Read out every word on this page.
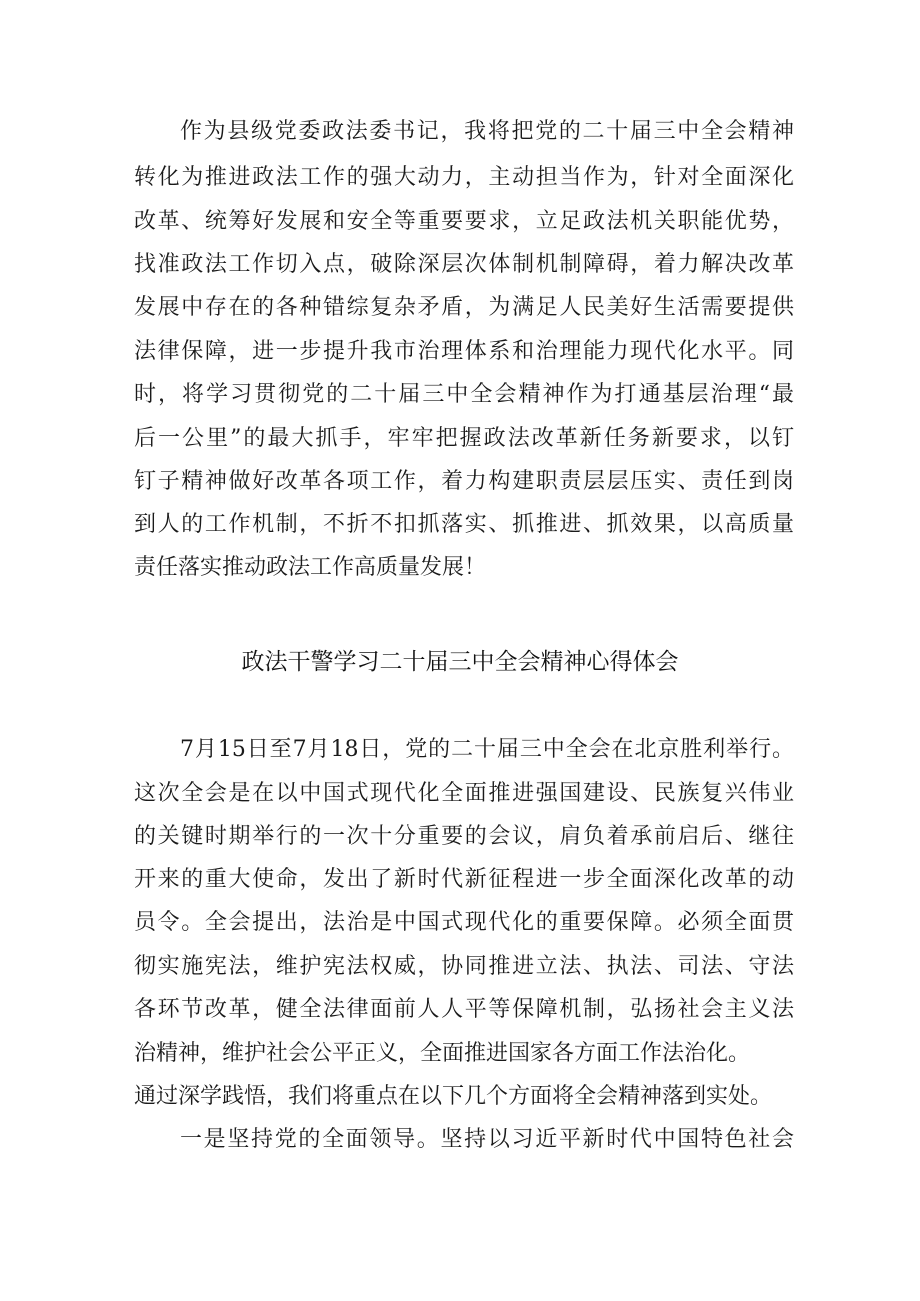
作为县级党委政法委书记，我将把党的二十届三中全会精神
转化为推进政法工作的强大动力，主动担当作为，针对全面深化
改革、统筹好发展和安全等重要要求，立足政法机关职能优势，
找准政法工作切入点，破除深层次体制机制障碍，着力解决改革
发展中存在的各种错综复杂矛盾，为满足人民美好生活需要提供
法律保障，进一步提升我市治理体系和治理能力现代化水平。同
时，将学习贯彻党的二十届三中全会精神作为打通基层治理“最
后一公里”的最大抓手，牢牢把握政法改革新任务新要求，以钉
钉子精神做好改革各项工作，着力构建职责层层压实、责任到岗
到人的工作机制，不折不扣抓落实、抓推进、抓效果，以高质量
责任落实推动政法工作高质量发展！
政法干警学习二十届三中全会精神心得体会
7月15日至7月18日，党的二十届三中全会在北京胜利举行。
这次全会是在以中国式现代化全面推进强国建设、民族复兴伟业
的关键时期举行的一次十分重要的会议，肩负着承前启后、继往
开来的重大使命，发出了新时代新征程进一步全面深化改革的动
员令。全会提出，法治是中国式现代化的重要保障。必须全面贯
彻实施宪法，维护宪法权威，协同推进立法、执法、司法、守法
各环节改革，健全法律面前人人平等保障机制，弘扬社会主义法
治精神，维护社会公平正义，全面推进国家各方面工作法治化。
通过深学践悟，我们将重点在以下几个方面将全会精神落到实处。
一是坚持党的全面领导。坚持以习近平新时代中国特色社会
